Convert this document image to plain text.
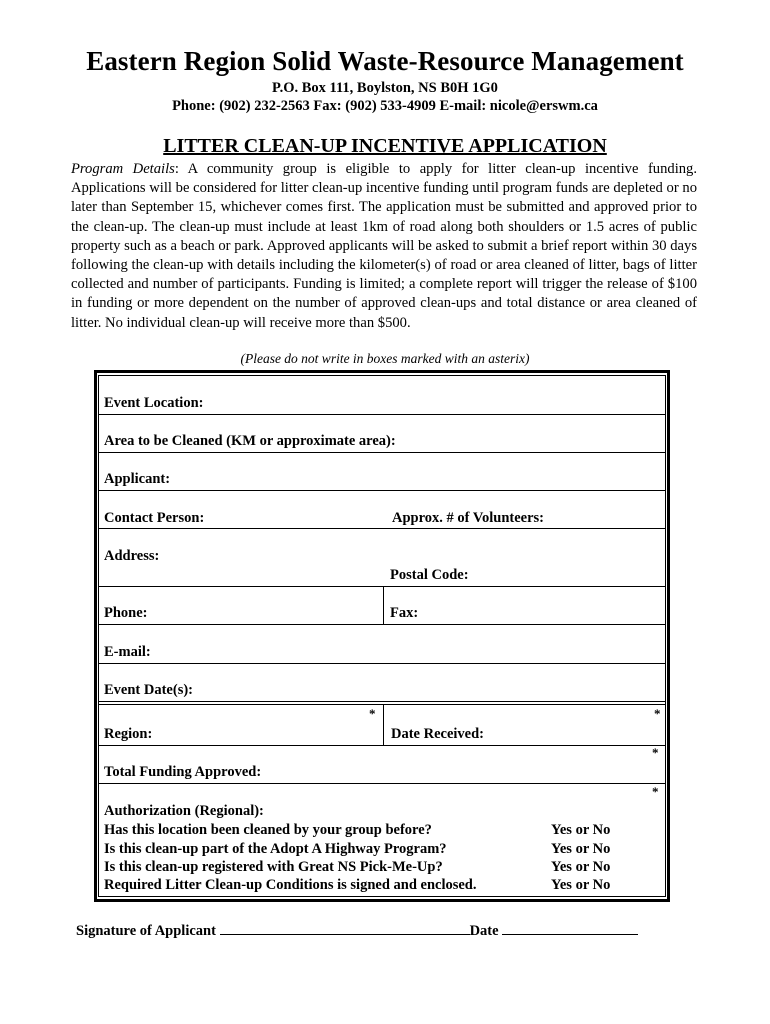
Eastern Region Solid Waste-Resource Management
P.O. Box 111, Boylston, NS B0H 1G0
Phone: (902) 232-2563 Fax: (902) 533-4909 E-mail: nicole@erswm.ca
LITTER CLEAN-UP INCENTIVE APPLICATION
Program Details: A community group is eligible to apply for litter clean-up incentive funding. Applications will be considered for litter clean-up incentive funding until program funds are depleted or no later than September 15, whichever comes first. The application must be submitted and approved prior to the clean-up. The clean-up must include at least 1km of road along both shoulders or 1.5 acres of public property such as a beach or park. Approved applicants will be asked to submit a brief report within 30 days following the clean-up with details including the kilometer(s) of road or area cleaned of litter, bags of litter collected and number of participants. Funding is limited; a complete report will trigger the release of $100 in funding or more dependent on the number of approved clean-ups and total distance or area cleaned of litter. No individual clean-up will receive more than $500.
(Please do not write in boxes marked with an asterix)
Event Location:
Area to be Cleaned (KM or approximate area):
Applicant:
Contact Person:	Approx. # of Volunteers:
Address:
Postal Code:
Phone:	Fax:
E-mail:
Event Date(s):
*	*
Region:	Date Received:
*
Total Funding Approved:
*
Authorization (Regional):
Has this location been cleaned by your group before?	Yes or No
Is this clean-up part of the Adopt A Highway Program?	Yes or No
Is this clean-up registered with Great NS Pick-Me-Up?	Yes or No
Required Litter Clean-up Conditions is signed and enclosed.	Yes or No
Signature of Applicant	Date
